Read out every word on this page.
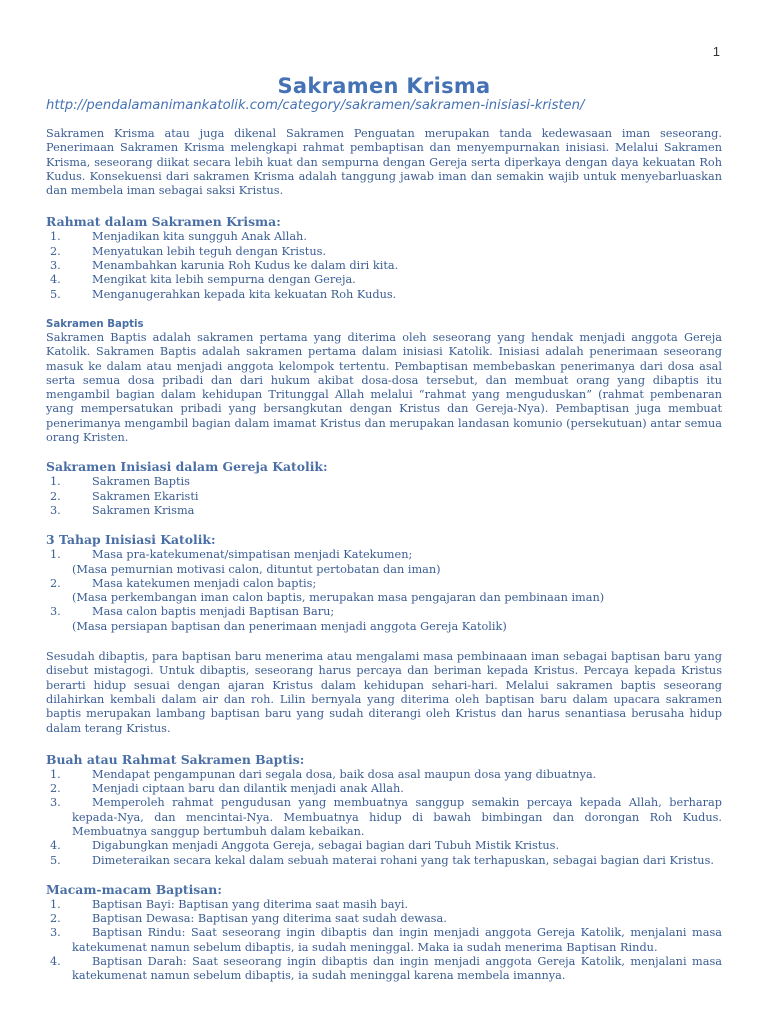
1
Sakramen Krisma
http://pendalamanimankatolik.com/category/sakramen/sakramen-inisiasi-kristen/

Sakramen Krisma atau juga dikenal Sakramen Penguatan merupakan tanda kedewasaan iman seseorang. Penerimaan Sakramen Krisma melengkapi rahmat pembaptisan dan menyempurnakan inisiasi. Melalui Sakramen Krisma, seseorang diikat secara lebih kuat dan sempurna dengan Gereja serta diperkaya dengan daya kekuatan Roh Kudus. Konsekuensi dari sakramen Krisma adalah tanggung jawab iman dan semakin wajib untuk menyebarluaskan dan membela iman sebagai saksi Kristus.

Rahmat dalam Sakramen Krisma:
1.	Menjadikan kita sungguh Anak Allah.
2.	Menyatukan lebih teguh dengan Kristus.
3.	Menambahkan karunia Roh Kudus ke dalam diri kita.
4.	Mengikat kita lebih sempurna dengan Gereja.
5.	Menganugerahkan kepada kita kekuatan Roh Kudus.
Sakramen Baptis

Sakramen Baptis adalah sakramen pertama yang diterima oleh seseorang yang hendak menjadi anggota Gereja Katolik. Sakramen Baptis adalah sakramen pertama dalam inisiasi Katolik. Inisiasi adalah penerimaan seseorang masuk ke dalam atau menjadi anggota kelompok tertentu. Pembaptisan membebaskan penerimanya dari dosa asal serta semua dosa pribadi dan dari hukum akibat dosa-dosa tersebut, dan membuat orang yang dibaptis itu mengambil bagian dalam kehidupan Tritunggal Allah melalui “rahmat yang menguduskan” (rahmat pembenaran yang mempersatukan pribadi yang bersangkutan dengan Kristus dan Gereja-Nya). Pembaptisan juga membuat penerimanya mengambil bagian dalam imamat Kristus dan merupakan landasan komunio (persekutuan) antar semua orang Kristen.

Sakramen Inisiasi dalam Gereja Katolik:
1.	Sakramen Baptis
2.	Sakramen Ekaristi
3.	Sakramen Krisma
3 Tahap Inisiasi Katolik:
1.	Masa pra-katekumenat/simpatisan menjadi Katekumen;
(Masa pemurnian motivasi calon, dituntut pertobatan dan iman)
2.	Masa katekumen menjadi calon baptis;
(Masa perkembangan iman calon baptis, merupakan masa pengajaran dan pembinaan iman)
3.	Masa calon baptis menjadi Baptisan Baru;
(Masa persiapan baptisan dan penerimaan menjadi anggota Gereja Katolik)

Sesudah dibaptis, para baptisan baru menerima atau mengalami masa pembinaaan iman sebagai baptisan baru yang disebut mistagogi. Untuk dibaptis, seseorang harus percaya dan beriman kepada Kristus. Percaya kepada Kristus berarti hidup sesuai dengan ajaran Kristus dalam kehidupan sehari-hari. Melalui sakramen baptis seseorang dilahirkan kembali dalam air dan roh. Lilin bernyala yang diterima oleh baptisan baru dalam upacara sakramen baptis merupakan lambang baptisan baru yang sudah diterangi oleh Kristus dan harus senantiasa berusaha hidup dalam terang Kristus.

Buah atau Rahmat Sakramen Baptis:
1.	Mendapat pengampunan dari segala dosa, baik dosa asal maupun dosa yang dibuatnya.
2.	Menjadi ciptaan baru dan dilantik menjadi anak Allah.
3.	Memperoleh rahmat pengudusan yang membuatnya sanggup semakin percaya kepada Allah, berharap kepada-Nya, dan mencintai-Nya. Membuatnya hidup di bawah bimbingan dan dorongan Roh Kudus. Membuatnya sanggup bertumbuh dalam kebaikan.
4.	Digabungkan menjadi Anggota Gereja, sebagai bagian dari Tubuh Mistik Kristus.
5.	Dimeteraikan secara kekal dalam sebuah materai rohani yang tak terhapuskan, sebagai bagian dari Kristus.
Macam-macam Baptisan:
1.	Baptisan Bayi: Baptisan yang diterima saat masih bayi.
2.	Baptisan Dewasa: Baptisan yang diterima saat sudah dewasa.
3.	Baptisan Rindu: Saat seseorang ingin dibaptis dan ingin menjadi anggota Gereja Katolik, menjalani masa katekumenat namun sebelum dibaptis, ia sudah meninggal. Maka ia sudah menerima Baptisan Rindu.
4.	Baptisan Darah: Saat seseorang ingin dibaptis dan ingin menjadi anggota Gereja Katolik, menjalani masa katekumenat namun sebelum dibaptis, ia sudah meninggal karena membela imannya.
